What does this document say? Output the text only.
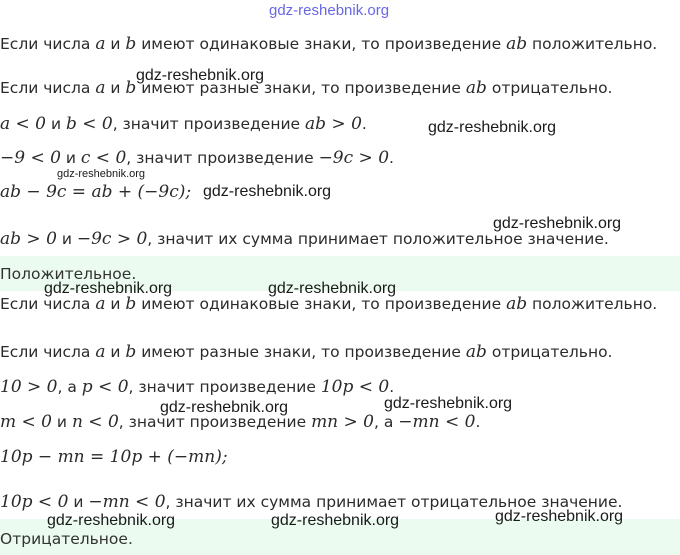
gdz-reshebnik.org
Если числа a и b имеют одинаковые знаки, то произведение ab положительно.
Если числа a и b имеют разные знаки, то произведение ab отрицательно.
a < 0 и b < 0, значит произведение ab > 0.
−9 < 0 и c < 0, значит произведение −9c > 0.
ab − 9c = ab + (−9c);
ab > 0 и −9c > 0, значит их сумма принимает положительное значение.
Положительное.
Если числа a и b имеют одинаковые знаки, то произведение ab положительно.
Если числа a и b имеют разные знаки, то произведение ab отрицательно.
10 > 0, а p < 0, значит произведение 10p < 0.
m < 0 и n < 0, значит произведение mn > 0, а −mn < 0.
10p − mn = 10p + (−mn);
10p < 0 и −mn < 0, значит их сумма принимает отрицательное значение.
Отрицательное.
gdz-reshebnik.org
gdz-reshebnik.org
gdz-reshebnik.org
gdz-reshebnik.org
gdz-reshebnik.org
gdz-reshebnik.org	gdz-reshebnik.org
gdz-reshebnik.org	gdz-reshebnik.org
gdz-reshebnik.org	gdz-reshebnik.org	gdz-reshebnik.org
